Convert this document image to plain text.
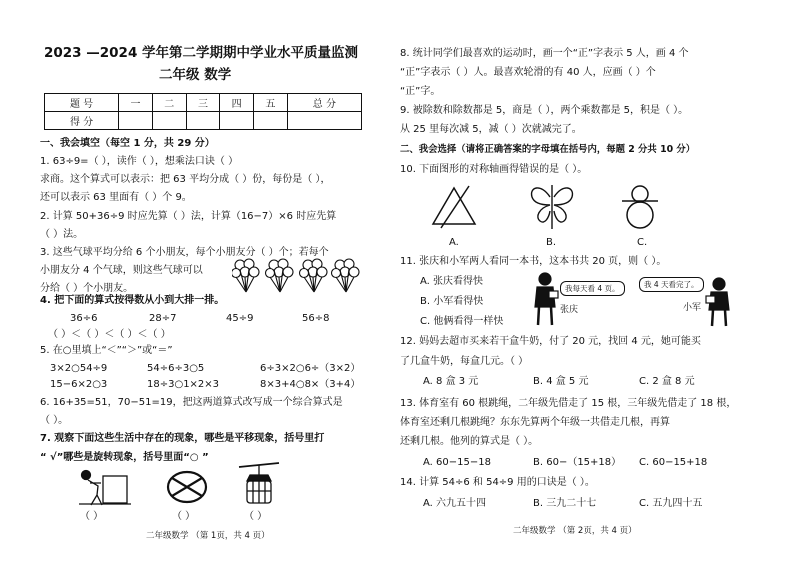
2023 —2024 学年第二学期期中学业水平质量监测
二年级 数学
题 号	一	二	三	四	五	总 分
得 分						
一、我会填空（每空 1 分，共 29 分）
1. 63÷9=（ ），读作（ ），想乘法口诀（ ）
求商。这个算式可以表示：把 63 平均分成（ ）份，每份是（ ），
还可以表示 63 里面有（ ）个 9。
2. 计算 50+36÷9 时应先算（ ）法，计算（16−7）×6 时应先算
（ ）法。
3. 这些气球平均分给 6 个小朋友，每个小朋友分（ ）个；若每个
小朋友分 4 个气球，则这些气球可以
分给（ ）个小朋友。
4. 把下面的算式按得数从小到大排一排。
36÷6	28÷7	45÷9	56÷8
（ ）＜（ ）＜（ ）＜（ ）
5. 在○里填上“＜”“＞”或“＝”
3×2○54÷9	54÷6÷3○5	6÷3×2○6÷（3×2）
15−6×2○3	18÷3○1×2×3	8×3+4○8×（3+4）
6. 16+35=51，70−51=19，把这两道算式改写成一个综合算式是
（ ）。
7. 观察下面这些生活中存在的现象，哪些是平移现象，括号里打
“ √”哪些是旋转现象，括号里面“○ ”
（ ）	（ ）	（ ）
二年级数学 （第 1页，共 4 页）
8. 统计同学们最喜欢的运动时，画一个“正”字表示 5 人，画 4 个
“正”字表示（ ）人。最喜欢轮滑的有 40 人，应画（ ）个
“正”字。
9. 被除数和除数都是 5，商是（ ），两个乘数都是 5，积是（ ）。
从 25 里每次减 5，减（ ）次就减完了。
二、我会选择（请将正确答案的字母填在括号内，每题 2 分共 10 分）
10. 下面图形的对称轴画得错误的是（ ）。
A.	B.	C.
11. 张庆和小军两人看同一本书，这本书共 20 页，则（ ）。
A. 张庆看得快
B. 小军看得快
C. 他俩看得一样快
我每天看 4 页。
张庆
我 4 天看完了。
小军
12. 妈妈去超市买来若干盒牛奶，付了 20 元，找回 4 元，她可能买
了几盒牛奶，每盒几元。（ ）
A. 8 盒 3 元	B. 4 盒 5 元	C. 2 盒 8 元
13. 体育室有 60 根跳绳，二年级先借走了 15 根，三年级先借走了 18 根，
体育室还剩几根跳绳？东东先算两个年级一共借走几根，再算
还剩几根。他列的算式是（ ）。
A. 60−15−18	B. 60−（15+18） C. 60−15+18
14. 计算 54÷6 和 54÷9 用的口诀是（ ）。
A. 六九五十四	B. 三九二十七	C. 五九四十五
二年级数学 （第 2页，共 4 页）
